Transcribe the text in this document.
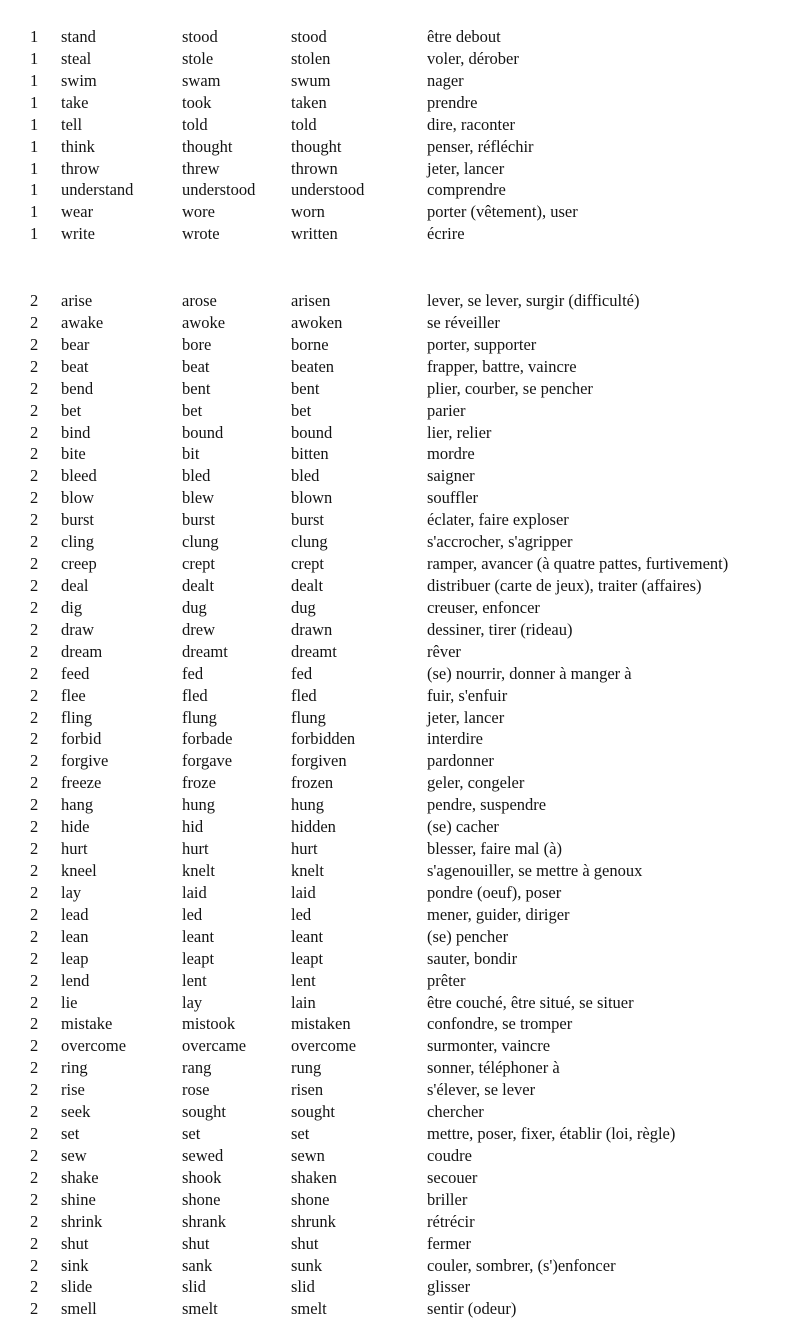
1 stand	stood	stood	être debout
1 steal	stole	stolen	voler, dérober
1 swim	swam	swum	nager
1 take	took	taken	prendre
1 tell	told	told	dire, raconter
1 think	thought	thought	penser, réfléchir
1 throw	threw	thrown	jeter, lancer
1 understand	understood understood	comprendre
1 wear	wore	worn	porter (vêtement), user
1 write	wrote	written	écrire
2 arise	arose	arisen	lever, se lever, surgir (difficulté)
2 awake	awoke	awoken	se réveiller
2 bear	bore	borne	porter, supporter
2 beat	beat	beaten	frapper, battre, vaincre
2 bend	bent	bent	plier, courber, se pencher
2 bet	bet	bet	parier
2 bind	bound	bound	lier, relier
2 bite	bit	bitten	mordre
2 bleed	bled	bled	saigner
2 blow	blew	blown	souffler
2 burst	burst	burst	éclater, faire exploser
2 cling	clung	clung	s'accrocher, s'agripper
2 creep	crept	crept	ramper, avancer (à quatre pattes, furtivement)
2 deal	dealt	dealt	distribuer (carte de jeux), traiter (affaires)
2 dig	dug	dug	creuser, enfoncer
2 draw	drew	drawn	dessiner, tirer (rideau)
2 dream	dreamt	dreamt	rêver
2 feed	fed	fed	(se) nourrir, donner à manger à
2 flee	fled	fled	fuir, s'enfuir
2 fling	flung	flung	jeter, lancer
2 forbid	forbade	forbidden	interdire
2 forgive	forgave	forgiven	pardonner
2 freeze	froze	frozen	geler, congeler
2 hang	hung	hung	pendre, suspendre
2 hide	hid	hidden	(se) cacher
2 hurt	hurt	hurt	blesser, faire mal (à)
2 kneel	knelt	knelt	s'agenouiller, se mettre à genoux
2 lay	laid	laid	pondre (oeuf), poser
2 lead	led	led	mener, guider, diriger
2 lean	leant	leant	(se) pencher
2 leap	leapt	leapt	sauter, bondir
2 lend	lent	lent	prêter
2 lie	lay	lain	être couché, être situé, se situer
2 mistake	mistook	mistaken	confondre, se tromper
2 overcome	overcame	overcome	surmonter, vaincre
2 ring	rang	rung	sonner, téléphoner à
2 rise	rose	risen	s'élever, se lever
2 seek	sought	sought	chercher
2 set	set	set	mettre, poser, fixer, établir (loi, règle)
2 sew	sewed	sewn	coudre
2 shake	shook	shaken	secouer
2 shine	shone	shone	briller
2 shrink	shrank	shrunk	rétrécir
2 shut	shut	shut	fermer
2 sink	sank	sunk	couler, sombrer, (s')enfoncer
2 slide	slid	slid	glisser
2 smell	smelt	smelt	sentir (odeur)
